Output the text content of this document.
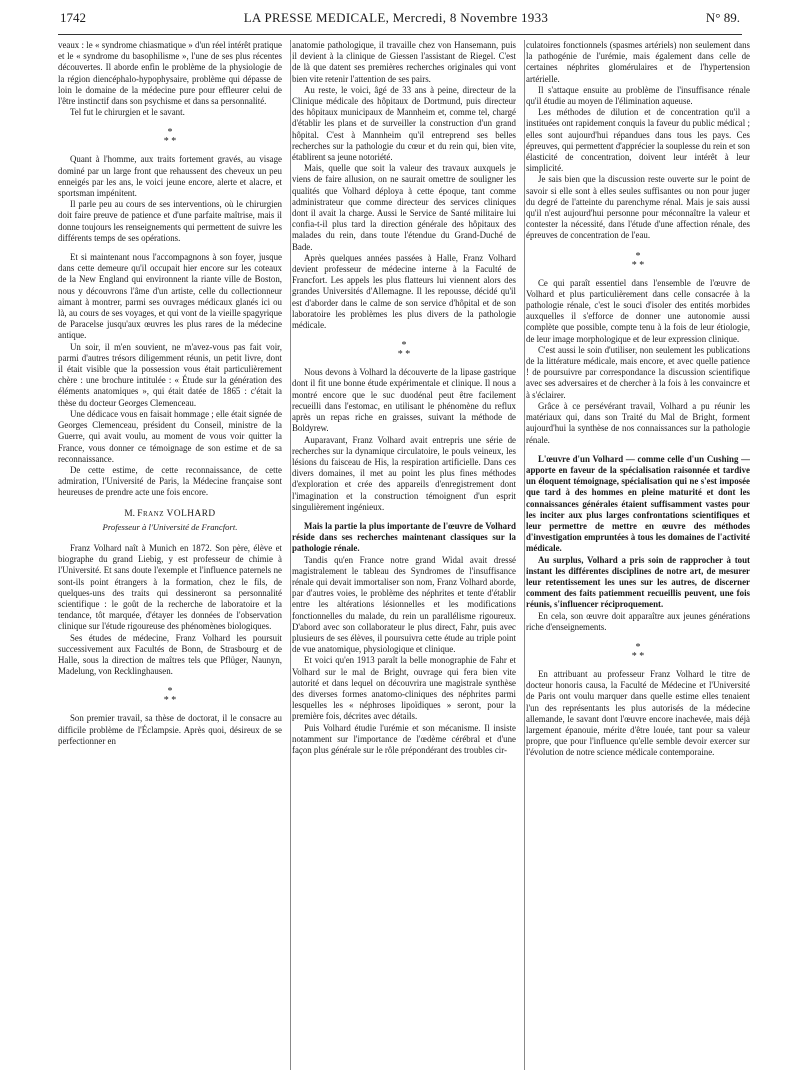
1742	LA PRESSE MEDICALE, Mercredi, 8 Novembre 1933	N° 89.

veaux : le « syndrome chiasmatique » d'un réel intérêt pratique et le « syndrome du basophilisme », l'une de ses plus récentes découvertes. Il aborde enfin le problème de la physiologie de la région diencéphalo-hypophysaire, problème qui dépasse de loin le domaine de la médecine pure pour effleurer celui de l'être instinctif dans son psychisme et dans sa personnalité.

Tel fut le chirurgien et le savant.

*
* *

Quant à l'homme, aux traits fortement gravés, au visage dominé par un large front que rehaussent des cheveux un peu enneigés par les ans, le voici jeune encore, alerte et alacre, et sportsman impénitent.

Il parle peu au cours de ses interventions, où le chirurgien doit faire preuve de patience et d'une parfaite maîtrise, mais il donne toujours les renseignements qui permettent de suivre les différents temps de ses opérations.

Et si maintenant nous l'accompagnons à son foyer, jusque dans cette demeure qu'il occupait hier encore sur les coteaux de la New England qui environnent la riante ville de Boston, nous y découvrons l'âme d'un artiste, celle du collectionneur aimant à montrer, parmi ses ouvrages médicaux glanés ici ou là, au cours de ses voyages, et qui vont de la vieille spagyrique de Paracelse jusqu'aux œuvres les plus rares de la médecine antique.

Un soir, il m'en souvient, ne m'avez-vous pas fait voir, parmi d'autres trésors diligemment réunis, un petit livre, dont il était visible que la possession vous était particulièrement chère : une brochure intitulée : « Étude sur la génération des éléments anatomiques », qui était datée de 1865 : c'était la thèse du docteur Georges Clemenceau.

Une dédicace vous en faisait hommage ; elle était signée de Georges Clemenceau, président du Conseil, ministre de la Guerre, qui avait voulu, au moment de vous voir quitter la France, vous donner ce témoignage de son estime et de sa reconnaissance.

De cette estime, de cette reconnaissance, de cette admiration, l'Université de Paris, la Médecine française sont heureuses de prendre acte une fois encore.

M. Franz VOLHARD
Professeur à l'Université de Francfort.

Franz Volhard naît à Munich en 1872. Son père, élève et biographe du grand Liebig, y est professeur de chimie à l'Université. Et sans doute l'exemple et l'influence paternels ne sont-ils point étrangers à la formation, chez le fils, de quelques-uns des traits qui dessineront sa personnalité scientifique : le goût de la recherche de laboratoire et la tendance, tôt marquée, d'étayer les données de l'observation clinique sur l'étude rigoureuse des phénomènes biologiques.

Ses études de médecine, Franz Volhard les poursuit successivement aux Facultés de Bonn, de Strasbourg et de Halle, sous la direction de maîtres tels que Pflüger, Naunyn, Madelung, von Recklinghausen.

*
* *

Son premier travail, sa thèse de doctorat, il le consacre au difficile problème de l'Éclampsie. Après quoi, désireux de se perfectionner en

anatomie pathologique, il travaille chez von Hansemann, puis il devient à la clinique de Giessen l'assistant de Riegel. C'est de là que datent ses premières recherches originales qui vont bien vite retenir l'attention de ses pairs.

Au reste, le voici, âgé de 33 ans à peine, directeur de la Clinique médicale des hôpitaux de Dortmund, puis directeur des hôpitaux municipaux de Mannheim et, comme tel, chargé d'établir les plans et de surveiller la construction d'un grand hôpital. C'est à Mannheim qu'il entreprend ses belles recherches sur la pathologie du cœur et du rein qui, bien vite, établirent sa jeune notoriété.

Mais, quelle que soit la valeur des travaux auxquels je viens de faire allusion, on ne saurait omettre de souligner les qualités que Volhard déploya à cette époque, tant comme administrateur que comme directeur des services cliniques dont il avait la charge. Aussi le Service de Santé militaire lui confia-t-il plus tard la direction générale des hôpitaux des malades du rein, dans toute l'étendue du Grand-Duché de Bade.

Après quelques années passées à Halle, Franz Volhard devient professeur de médecine interne à la Faculté de Francfort. Les appels les plus flatteurs lui viennent alors des grandes Universités d'Allemagne. Il les repousse, décidé qu'il est d'aborder dans le calme de son service d'hôpital et de son laboratoire les problèmes les plus divers de la pathologie médicale.

*
* *

Nous devons à Volhard la découverte de la lipase gastrique dont il fit une bonne étude expérimentale et clinique. Il nous a montré encore que le suc duodénal peut être facilement recueilli dans l'estomac, en utilisant le phénomène du reflux après un repas riche en graisses, suivant la méthode de Boldyrew.

Auparavant, Franz Volhard avait entrepris une série de recherches sur la dynamique circulatoire, le pouls veineux, les lésions du faisceau de His, la respiration artificielle. Dans ces divers domaines, il met au point les plus fines méthodes d'exploration et crée des appareils d'enregistrement dont l'imagination et la construction témoignent d'un esprit singulièrement ingénieux.

Mais la partie la plus importante de l'œuvre de Volhard réside dans ses recherches maintenant classiques sur la pathologie rénale.

Tandis qu'en France notre grand Widal avait dressé magistralement le tableau des Syndromes de l'insuffisance rénale qui devait immortaliser son nom, Franz Volhard aborde, par d'autres voies, le problème des néphrites et tente d'établir entre les altérations lésionnelles et les modifications fonctionnelles du malade, du rein un parallélisme rigoureux. D'abord avec son collaborateur le plus direct, Fahr, puis avec plusieurs de ses élèves, il poursuivra cette étude au triple point de vue anatomique, physiologique et clinique.

Et voici qu'en 1913 paraît la belle monographie de Fahr et Volhard sur le mal de Bright, ouvrage qui fera bien vite autorité et dans lequel on découvrira une magistrale synthèse des diverses formes anatomo-cliniques des néphrites parmi lesquelles les « néphroses lipoïdiques » seront, pour la première fois, décrites avec détails.

Puis Volhard étudie l'urémie et son mécanisme. Il insiste notamment sur l'importance de l'œdème cérébral et d'une façon plus générale sur le rôle prépondérant des troubles cir-

culatoires fonctionnels (spasmes artériels) non seulement dans la pathogénie de l'urémie, mais également dans celle de certaines néphrites glomérulaires et de l'hypertension artérielle.

Il s'attaque ensuite au problème de l'insuffisance rénale qu'il étudie au moyen de l'élimination aqueuse.

Les méthodes de dilution et de concentration qu'il a instituées ont rapidement conquis la faveur du public médical ; elles sont aujourd'hui répandues dans tous les pays. Ces épreuves, qui permettent d'apprécier la souplesse du rein et son élasticité de concentration, doivent leur intérêt à leur simplicité.

Je sais bien que la discussion reste ouverte sur le point de savoir si elle sont à elles seules suffisantes ou non pour juger du degré de l'atteinte du parenchyme rénal. Mais je sais aussi qu'il n'est aujourd'hui personne pour méconnaître la valeur et contester la nécessité, dans l'étude d'une affection rénale, des épreuves de concentration de l'eau.

*
* *

Ce qui paraît essentiel dans l'ensemble de l'œuvre de Volhard et plus particulièrement dans celle consacrée à la pathologie rénale, c'est le souci d'isoler des entités morbides auxquelles il s'efforce de donner une autonomie aussi complète que possible, compte tenu à la fois de leur étiologie, de leur image morphologique et de leur expression clinique.

C'est aussi le soin d'utiliser, non seulement les publications de la littérature médicale, mais encore, et avec quelle patience ! de poursuivre par correspondance la discussion scientifique avec ses adversaires et de chercher à la fois à les convaincre et à s'éclairer.

Grâce à ce persévérant travail, Volhard a pu réunir les matériaux qui, dans son Traité du Mal de Bright, forment aujourd'hui la synthèse de nos connaissances sur la pathologie rénale.

L'œuvre d'un Volhard — comme celle d'un Cushing — apporte en faveur de la spécialisation raisonnée et tardive un éloquent témoignage, spécialisation qui ne s'est imposée que tard à des hommes en pleine maturité et dont les connaissances générales étaient suffisamment vastes pour les inciter aux plus larges confrontations scientifiques et leur permettre de mettre en œuvre des méthodes d'investigation empruntées à tous les domaines de l'activité médicale.

Au surplus, Volhard a pris soin de rapprocher à tout instant les différentes disciplines de notre art, de mesurer leur retentissement les unes sur les autres, de discerner comment des faits patiemment recueillis peuvent, une fois réunis, s'influencer réciproquement.

En cela, son œuvre doit apparaître aux jeunes générations riche d'enseignements.

*
* *

En attribuant au professeur Franz Volhard le titre de docteur honoris causa, la Faculté de Médecine et l'Université de Paris ont voulu marquer dans quelle estime elles tenaient l'un des représentants les plus autorisés de la médecine allemande, le savant dont l'œuvre encore inachevée, mais déjà largement épanouie, mérite d'être louée, tant pour sa valeur propre, que pour l'influence qu'elle semble devoir exercer sur l'évolution de notre science médicale contemporaine.
